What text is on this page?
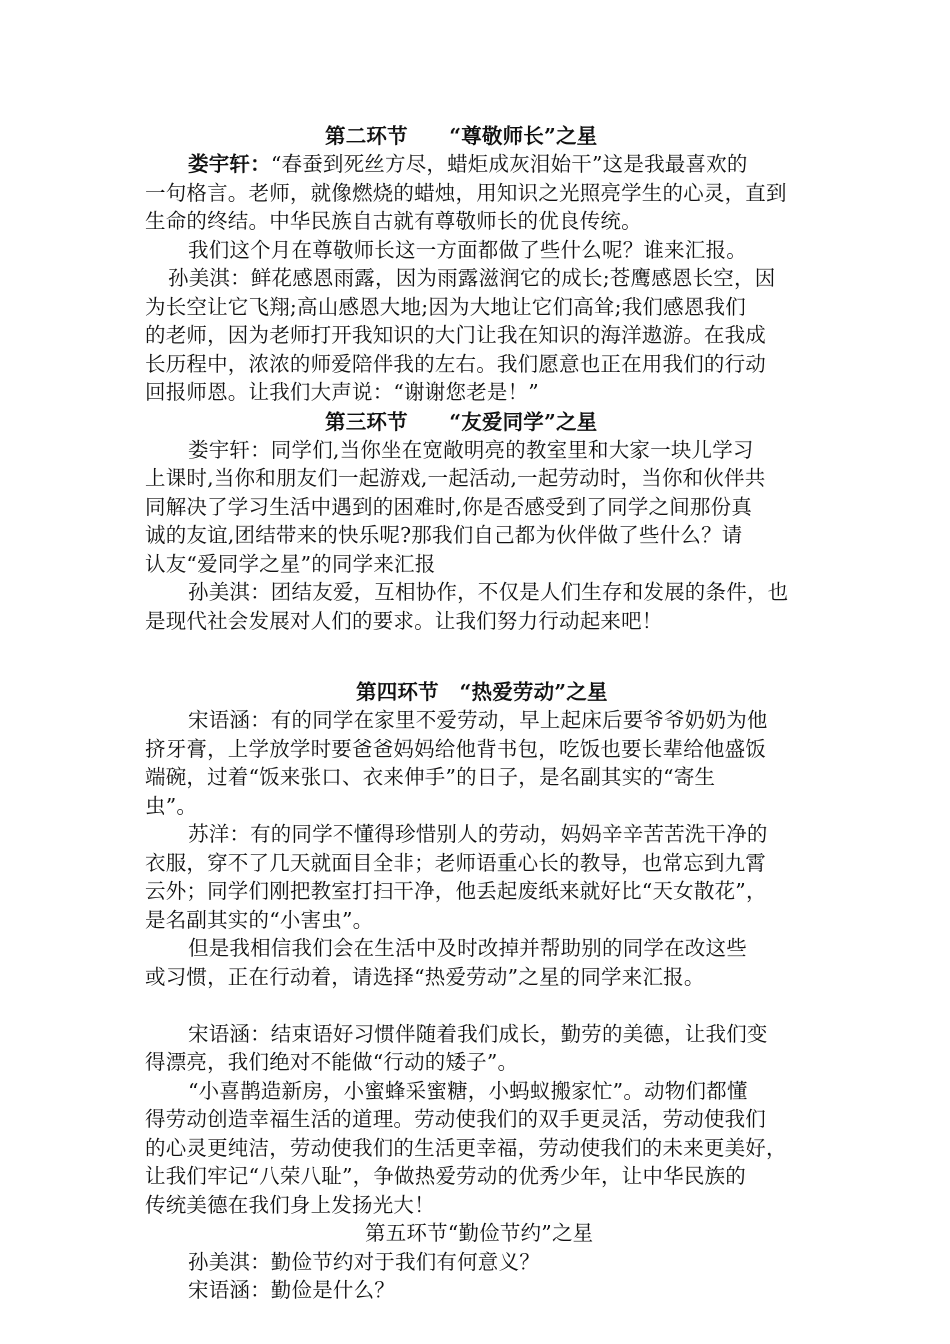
第二环节　　“尊敬师长”之星
娄宇轩：“春蚕到死丝方尽，蜡炬成灰泪始干”这是我最喜欢的
一句格言。老师，就像燃烧的蜡烛，用知识之光照亮学生的心灵，直到
生命的终结。中华民族自古就有尊敬师长的优良传统。
我们这个月在尊敬师长这一方面都做了些什么呢？谁来汇报。
孙美淇：鲜花感恩雨露，因为雨露滋润它的成长;苍鹰感恩长空，因
为长空让它飞翔;高山感恩大地;因为大地让它们高耸;我们感恩我们
的老师，因为老师打开我知识的大门让我在知识的海洋遨游。在我成
长历程中，浓浓的师爱陪伴我的左右。我们愿意也正在用我们的行动
回报师恩。让我们大声说：“谢谢您老是！”
第三环节　　“友爱同学”之星
娄宇轩：同学们,当你坐在宽敞明亮的教室里和大家一块儿学习
上课时,当你和朋友们一起游戏,一起活动,一起劳动时，当你和伙伴共
同解决了学习生活中遇到的困难时,你是否感受到了同学之间那份真
诚的友谊,团结带来的快乐呢?那我们自己都为伙伴做了些什么？请
认友“爱同学之星”的同学来汇报
孙美淇：团结友爱，互相协作，不仅是人们生存和发展的条件，也
是现代社会发展对人们的要求。让我们努力行动起来吧！
第四环节　“热爱劳动”之星
宋语涵：有的同学在家里不爱劳动，早上起床后要爷爷奶奶为他
挤牙膏，上学放学时要爸爸妈妈给他背书包，吃饭也要长辈给他盛饭
端碗，过着“饭来张口、衣来伸手”的日子，是名副其实的“寄生
虫”。
苏洋：有的同学不懂得珍惜别人的劳动，妈妈辛辛苦苦洗干净的
衣服，穿不了几天就面目全非；老师语重心长的教导，也常忘到九霄
云外；同学们刚把教室打扫干净，他丢起废纸来就好比“天女散花”，
是名副其实的“小害虫”。
但是我相信我们会在生活中及时改掉并帮助别的同学在改这些
或习惯，正在行动着，请选择“热爱劳动”之星的同学来汇报。
宋语涵：结束语好习惯伴随着我们成长，勤劳的美德，让我们变
得漂亮，我们绝对不能做“行动的矮子”。
“小喜鹊造新房，小蜜蜂采蜜糖，小蚂蚁搬家忙”。动物们都懂
得劳动创造幸福生活的道理。劳动使我们的双手更灵活，劳动使我们
的心灵更纯洁，劳动使我们的生活更幸福，劳动使我们的未来更美好，
让我们牢记“八荣八耻”，争做热爱劳动的优秀少年，让中华民族的
传统美德在我们身上发扬光大！
第五环节“勤俭节约”之星
孙美淇：勤俭节约对于我们有何意义？
宋语涵：勤俭是什么？
